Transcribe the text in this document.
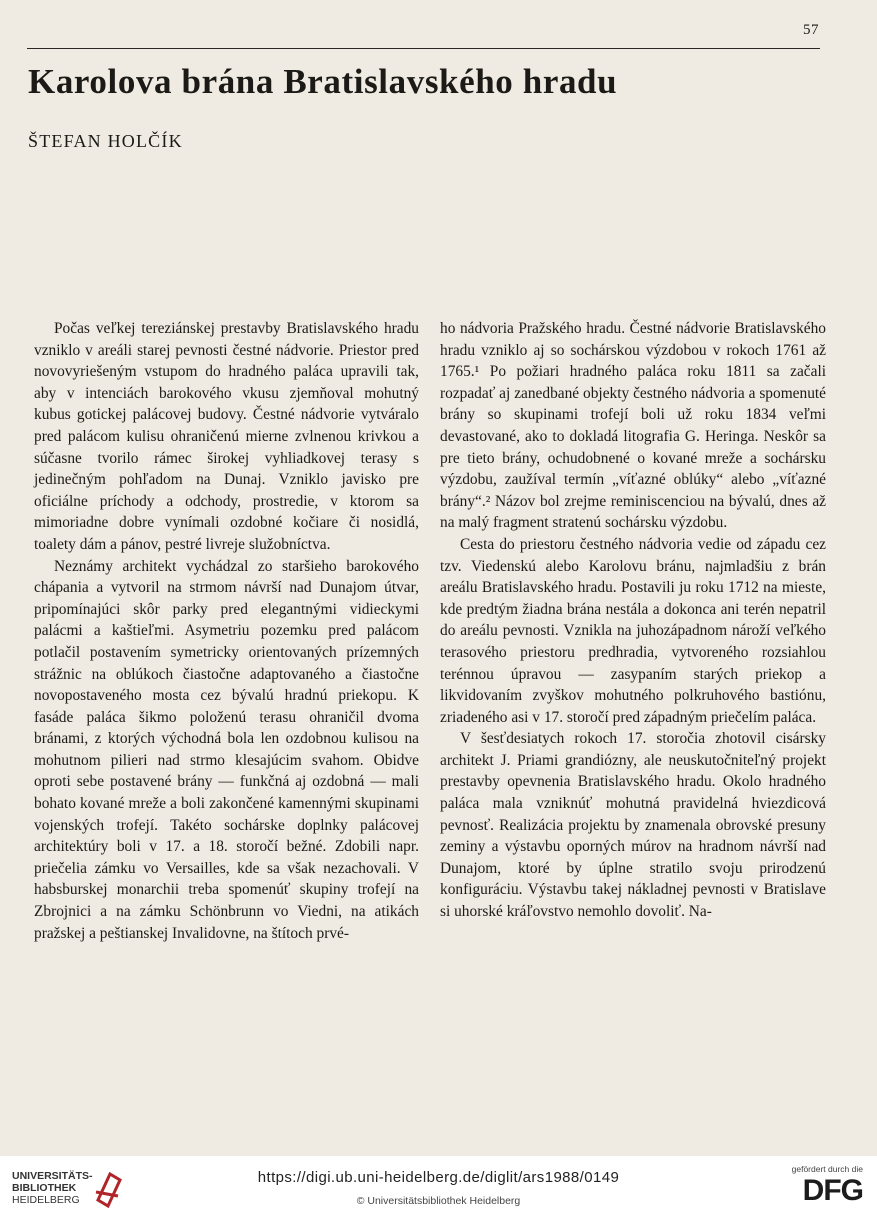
57
Karolova brána Bratislavského hradu
ŠTEFAN HOLČÍK

Počas veľkej tereziánskej prestavby Bratislavského hradu vzniklo v areáli starej pevnosti čestné nádvorie. Priestor pred novovyriešeným vstupom do hradného paláca upravili tak, aby v intenciách barokového vkusu zjemňoval mohutný kubus gotickej palácovej budovy. Čestné nádvorie vytváralo pred palácom kulisu ohraničenú mierne zvlnenou krivkou a súčasne tvorilo rámec širokej vyhliadkovej terasy s jedinečným pohľadom na Dunaj. Vzniklo javisko pre oficiálne príchody a odchody, prostredie, v ktorom sa mimoriadne dobre vynímali ozdobné kočiare či nosidlá, toalety dám a pánov, pestré livreje služobníctva.

Neznámy architekt vychádzal zo staršieho barokového chápania a vytvoril na strmom návrší nad Dunajom útvar, pripomínajúci skôr parky pred elegantnými vidieckymi palácmi a kaštieľmi. Asymetriu pozemku pred palácom potlačil postavením symetricky orientovaných prízemných strážnic na oblúkoch čiastočne adaptovaného a čiastočne novopostaveného mosta cez bývalú hradnú priekopu. K fasáde paláca šikmo položenú terasu ohraničil dvoma bránami, z ktorých východná bola len ozdobnou kulisou na mohutnom pilieri nad strmo klesajúcim svahom. Obidve oproti sebe postavené brány — funkčná aj ozdobná — mali bohato kované mreže a boli zakončené kamennými skupinami vojenských trofejí. Takéto sochárske doplnky palácovej architektúry boli v 17. a 18. storočí bežné. Zdobili napr. priečelia zámku vo Versailles, kde sa však nezachovali. V habsburskej monarchii treba spomenúť skupiny trofejí na Zbrojnici a na zámku Schönbrunn vo Viedni, na atikách pražskej a peštianskej Invalidovne, na štítoch prvé-

ho nádvoria Pražského hradu. Čestné nádvorie Bratislavského hradu vzniklo aj so sochárskou výzdobou v rokoch 1761 až 1765.¹ Po požiari hradného paláca roku 1811 sa začali rozpadať aj zanedbané objekty čestného nádvoria a spomenuté brány so skupinami trofejí boli už roku 1834 veľmi devastované, ako to dokladá litografia G. Heringa. Neskôr sa pre tieto brány, ochudobnené o kované mreže a sochársku výzdobu, zaužíval termín „víťazné oblúky“ alebo „víťazné brány“.² Názov bol zrejme reminiscenciou na bývalú, dnes až na malý fragment stratenú sochársku výzdobu.

Cesta do priestoru čestného nádvoria vedie od západu cez tzv. Viedenskú alebo Karolovu bránu, najmladšiu z brán areálu Bratislavského hradu. Postavili ju roku 1712 na mieste, kde predtým žiadna brána nestála a dokonca ani terén nepatril do areálu pevnosti. Vznikla na juhozápadnom nároží veľkého terasového priestoru predhradia, vytvoreného rozsiahlou terénnou úpravou — zasypaním starých priekop a likvidovaním zvyškov mohutného polkruhového bastiónu, zriadeného asi v 17. storočí pred západným priečelím paláca.

V šesťdesiatych rokoch 17. storočia zhotovil cisársky architekt J. Priami grandiózny, ale neuskutočniteľný projekt prestavby opevnenia Bratislavského hradu. Okolo hradného paláca mala vzniknúť mohutná pravidelná hviezdicová pevnosť. Realizácia projektu by znamenala obrovské presuny zeminy a výstavbu oporných múrov na hradnom návrší nad Dunajom, ktoré by úplne stratilo svoju prirodzenú konfiguráciu. Výstavbu takej nákladnej pevnosti v Bratislave si uhorské kráľovstvo nemohlo dovoliť. Na-

UNIVERSITÄTS-
BIBLIOTHEK
HEIDELBERG
https://digi.ub.uni-heidelberg.de/diglit/ars1988/0149
© Universitätsbibliothek Heidelberg
gefördert durch die
DFG
